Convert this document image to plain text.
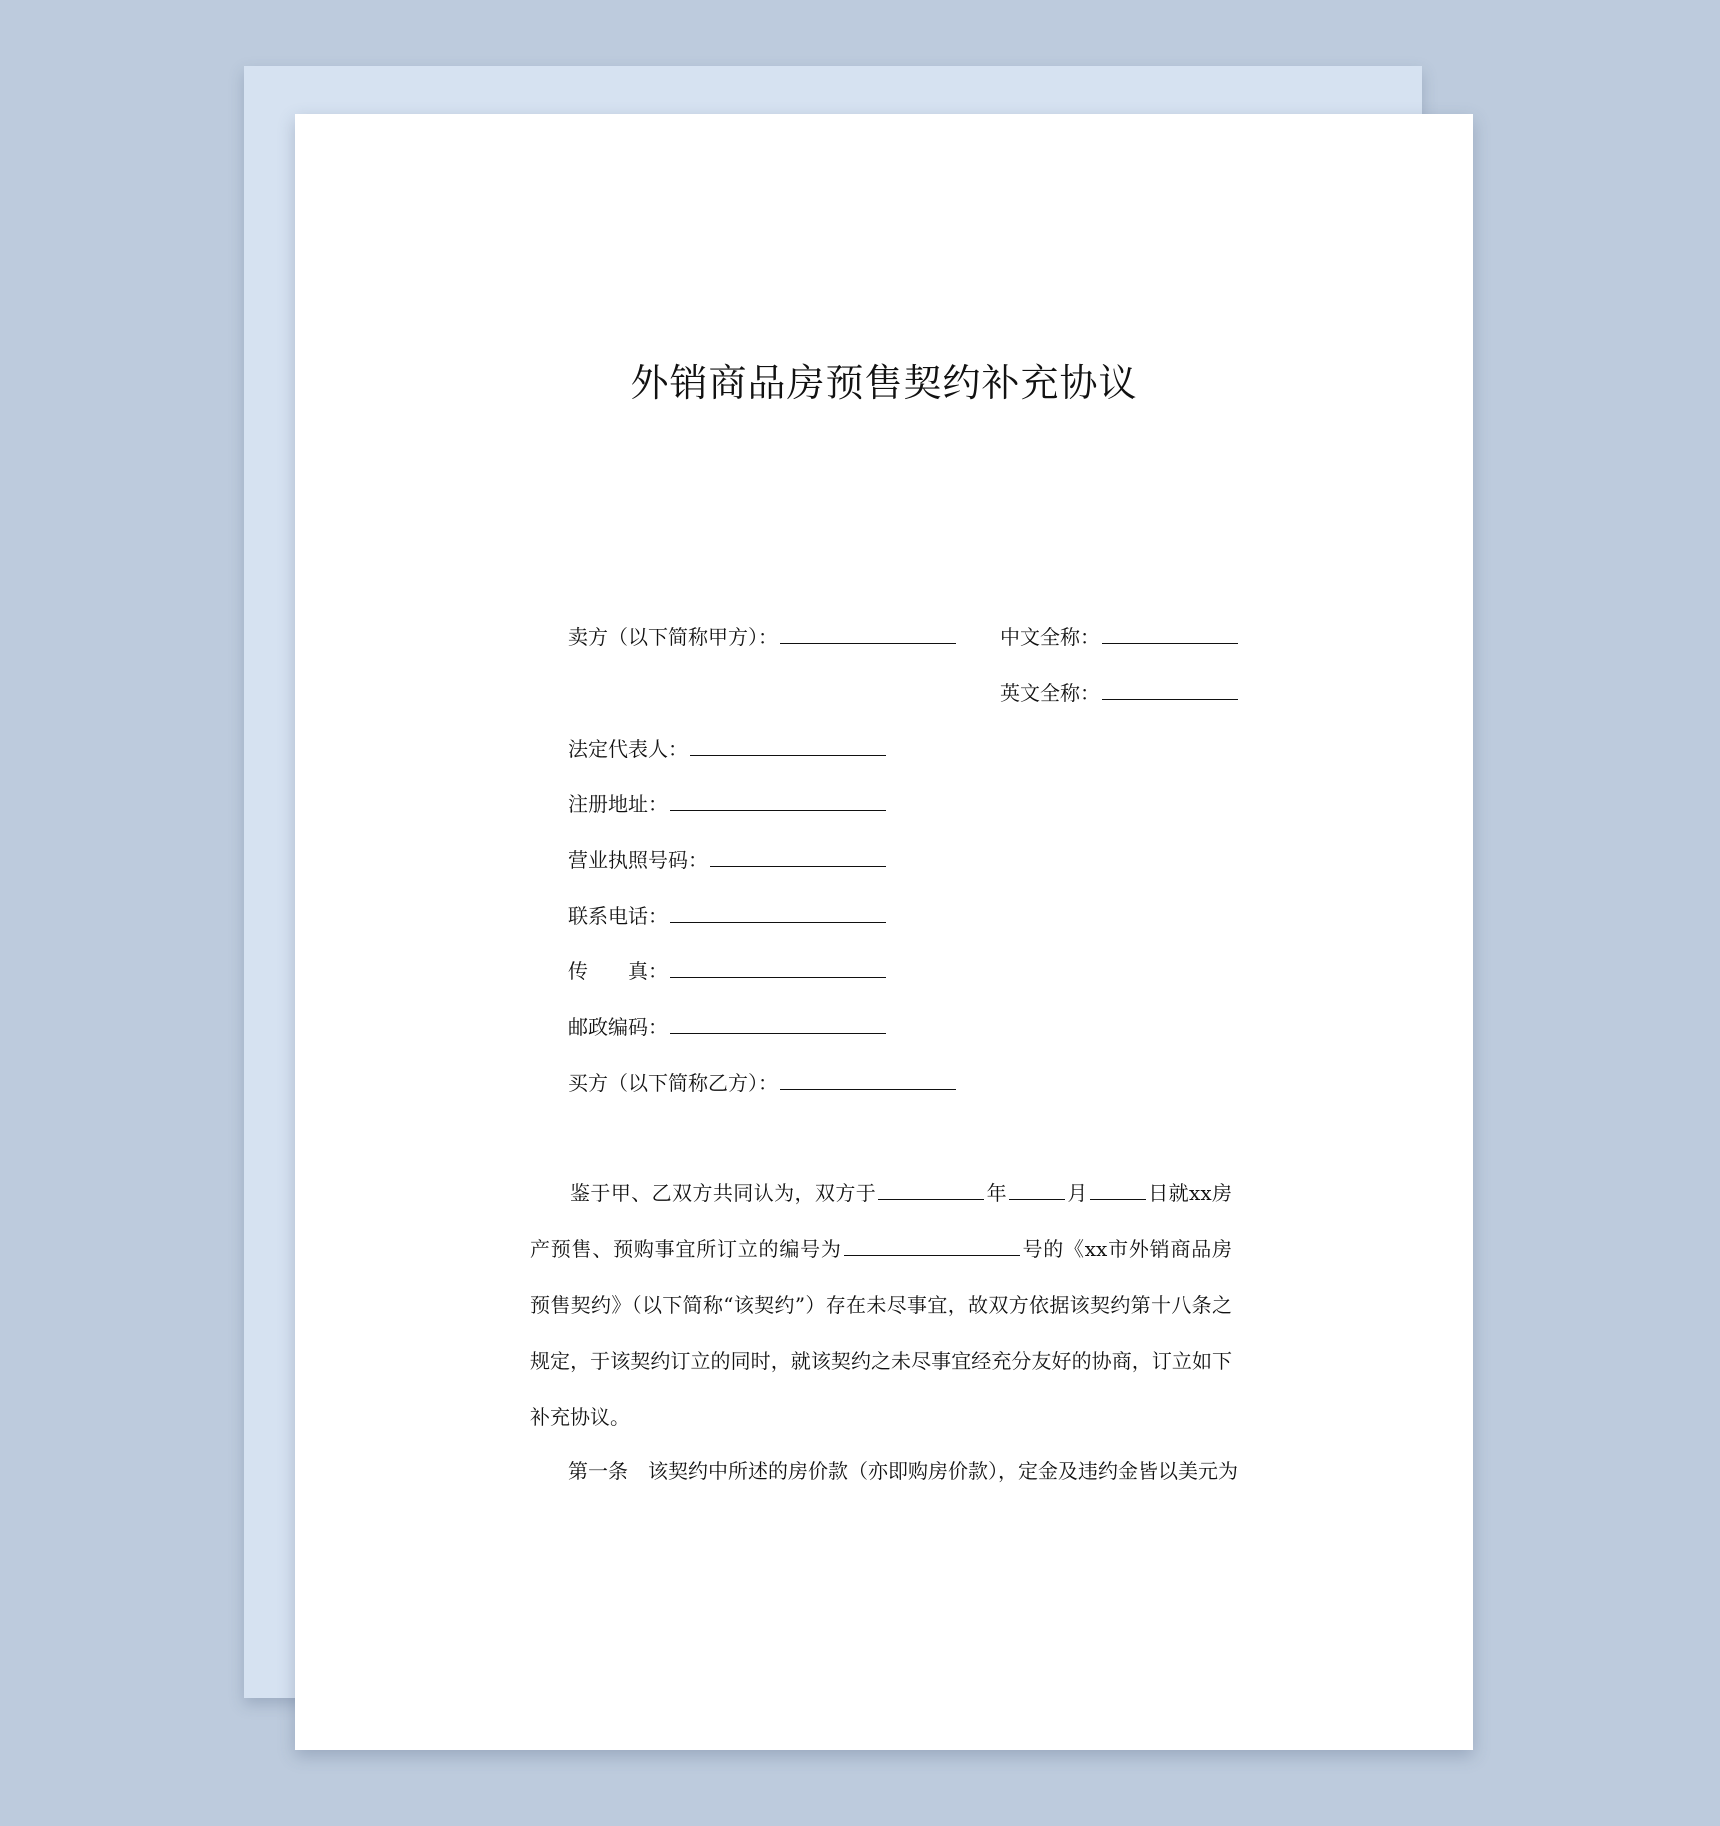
外销商品房预售契约补充协议
卖方（以下简称甲方）：	中文全称：
英文全称：
法定代表人：
注册地址：
营业执照号码：
联系电话：
传　　真：
邮政编码：
买方（以下简称乙方）：
鉴于甲、乙双方共同认为，双方于	年	月	日就xx房产预售、预购事宜所订立的编号为	号的《xx市外销商品房预售契约》（以下简称“该契约”）存在未尽事宜，故双方依据该契约第十八条之规定，于该契约订立的同时，就该契约之未尽事宜经充分友好的协商，订立如下补充协议。
第一条　该契约中所述的房价款（亦即购房价款），定金及违约金皆以美元为
